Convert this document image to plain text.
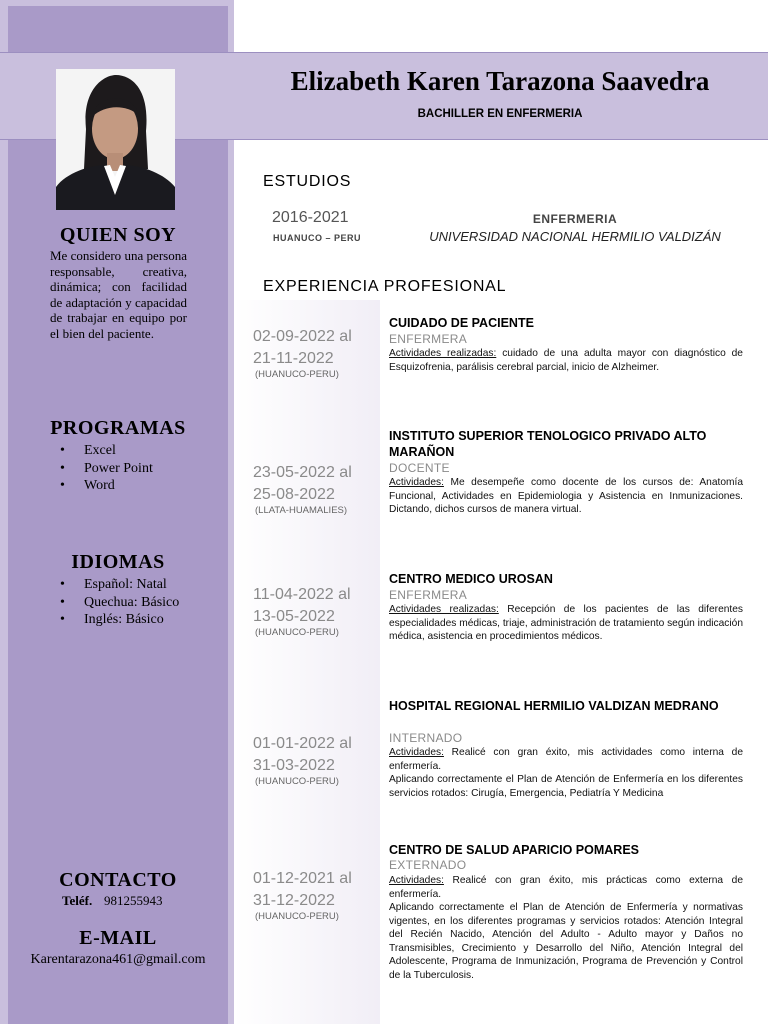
Elizabeth Karen Tarazona Saavedra
BACHILLER EN ENFERMERIA
QUIEN SOY
Me considero una persona responsable, creativa, dinámica; con facilidad de adaptación y capacidad de trabajar en equipo por el bien del paciente.
PROGRAMAS
• Excel
• Power Point
• Word
IDIOMAS
• Español: Natal
• Quechua: Básico
• Inglés: Básico
CONTACTO
Teléf. 981255943
E-MAIL
Karentarazona461@gmail.com
ESTUDIOS
2016-2021
HUANUCO – PERU
ENFERMERIA
UNIVERSIDAD NACIONAL HERMILIO VALDIZÁN
EXPERIENCIA PROFESIONAL
02-09-2022 al
21-11-2022
(HUANUCO-PERU)
CUIDADO DE PACIENTE
ENFERMERA
Actividades realizadas: cuidado de una adulta mayor con diagnóstico de Esquizofrenia, parálisis cerebral parcial, inicio de Alzheimer.
23-05-2022 al
25-08-2022
(LLATA-HUAMALIES)
INSTITUTO SUPERIOR TENOLOGICO PRIVADO ALTO MARAÑON
DOCENTE
Actividades: Me desempeñe como docente de los cursos de: Anatomía Funcional, Actividades en Epidemiologia y Asistencia en Inmunizaciones. Dictando, dichos cursos de manera virtual.
11-04-2022 al
13-05-2022
(HUANUCO-PERU)
CENTRO MEDICO UROSAN
ENFERMERA
Actividades realizadas: Recepción de los pacientes de las diferentes especialidades médicas, triaje, administración de tratamiento según indicación médica, asistencia en procedimientos médicos.
01-01-2022 al
31-03-2022
(HUANUCO-PERU)
HOSPITAL REGIONAL HERMILIO VALDIZAN MEDRANO
INTERNADO
Actividades: Realicé con gran éxito, mis actividades como interna de enfermería.
Aplicando correctamente el Plan de Atención de Enfermería en los diferentes servicios rotados: Cirugía, Emergencia, Pediatría Y Medicina
01-12-2021 al
31-12-2022
(HUANUCO-PERU)
CENTRO DE SALUD APARICIO POMARES
EXTERNADO
Actividades: Realicé con gran éxito, mis prácticas como externa de enfermería.
Aplicando correctamente el Plan de Atención de Enfermería y normativas vigentes, en los diferentes programas y servicios rotados: Atención Integral del Recién Nacido, Atención del Adulto - Adulto mayor y Daños no Transmisibles, Crecimiento y Desarrollo del Niño, Atención Integral del Adolescente, Programa de Inmunización, Programa de Prevención y Control de la Tuberculosis.
